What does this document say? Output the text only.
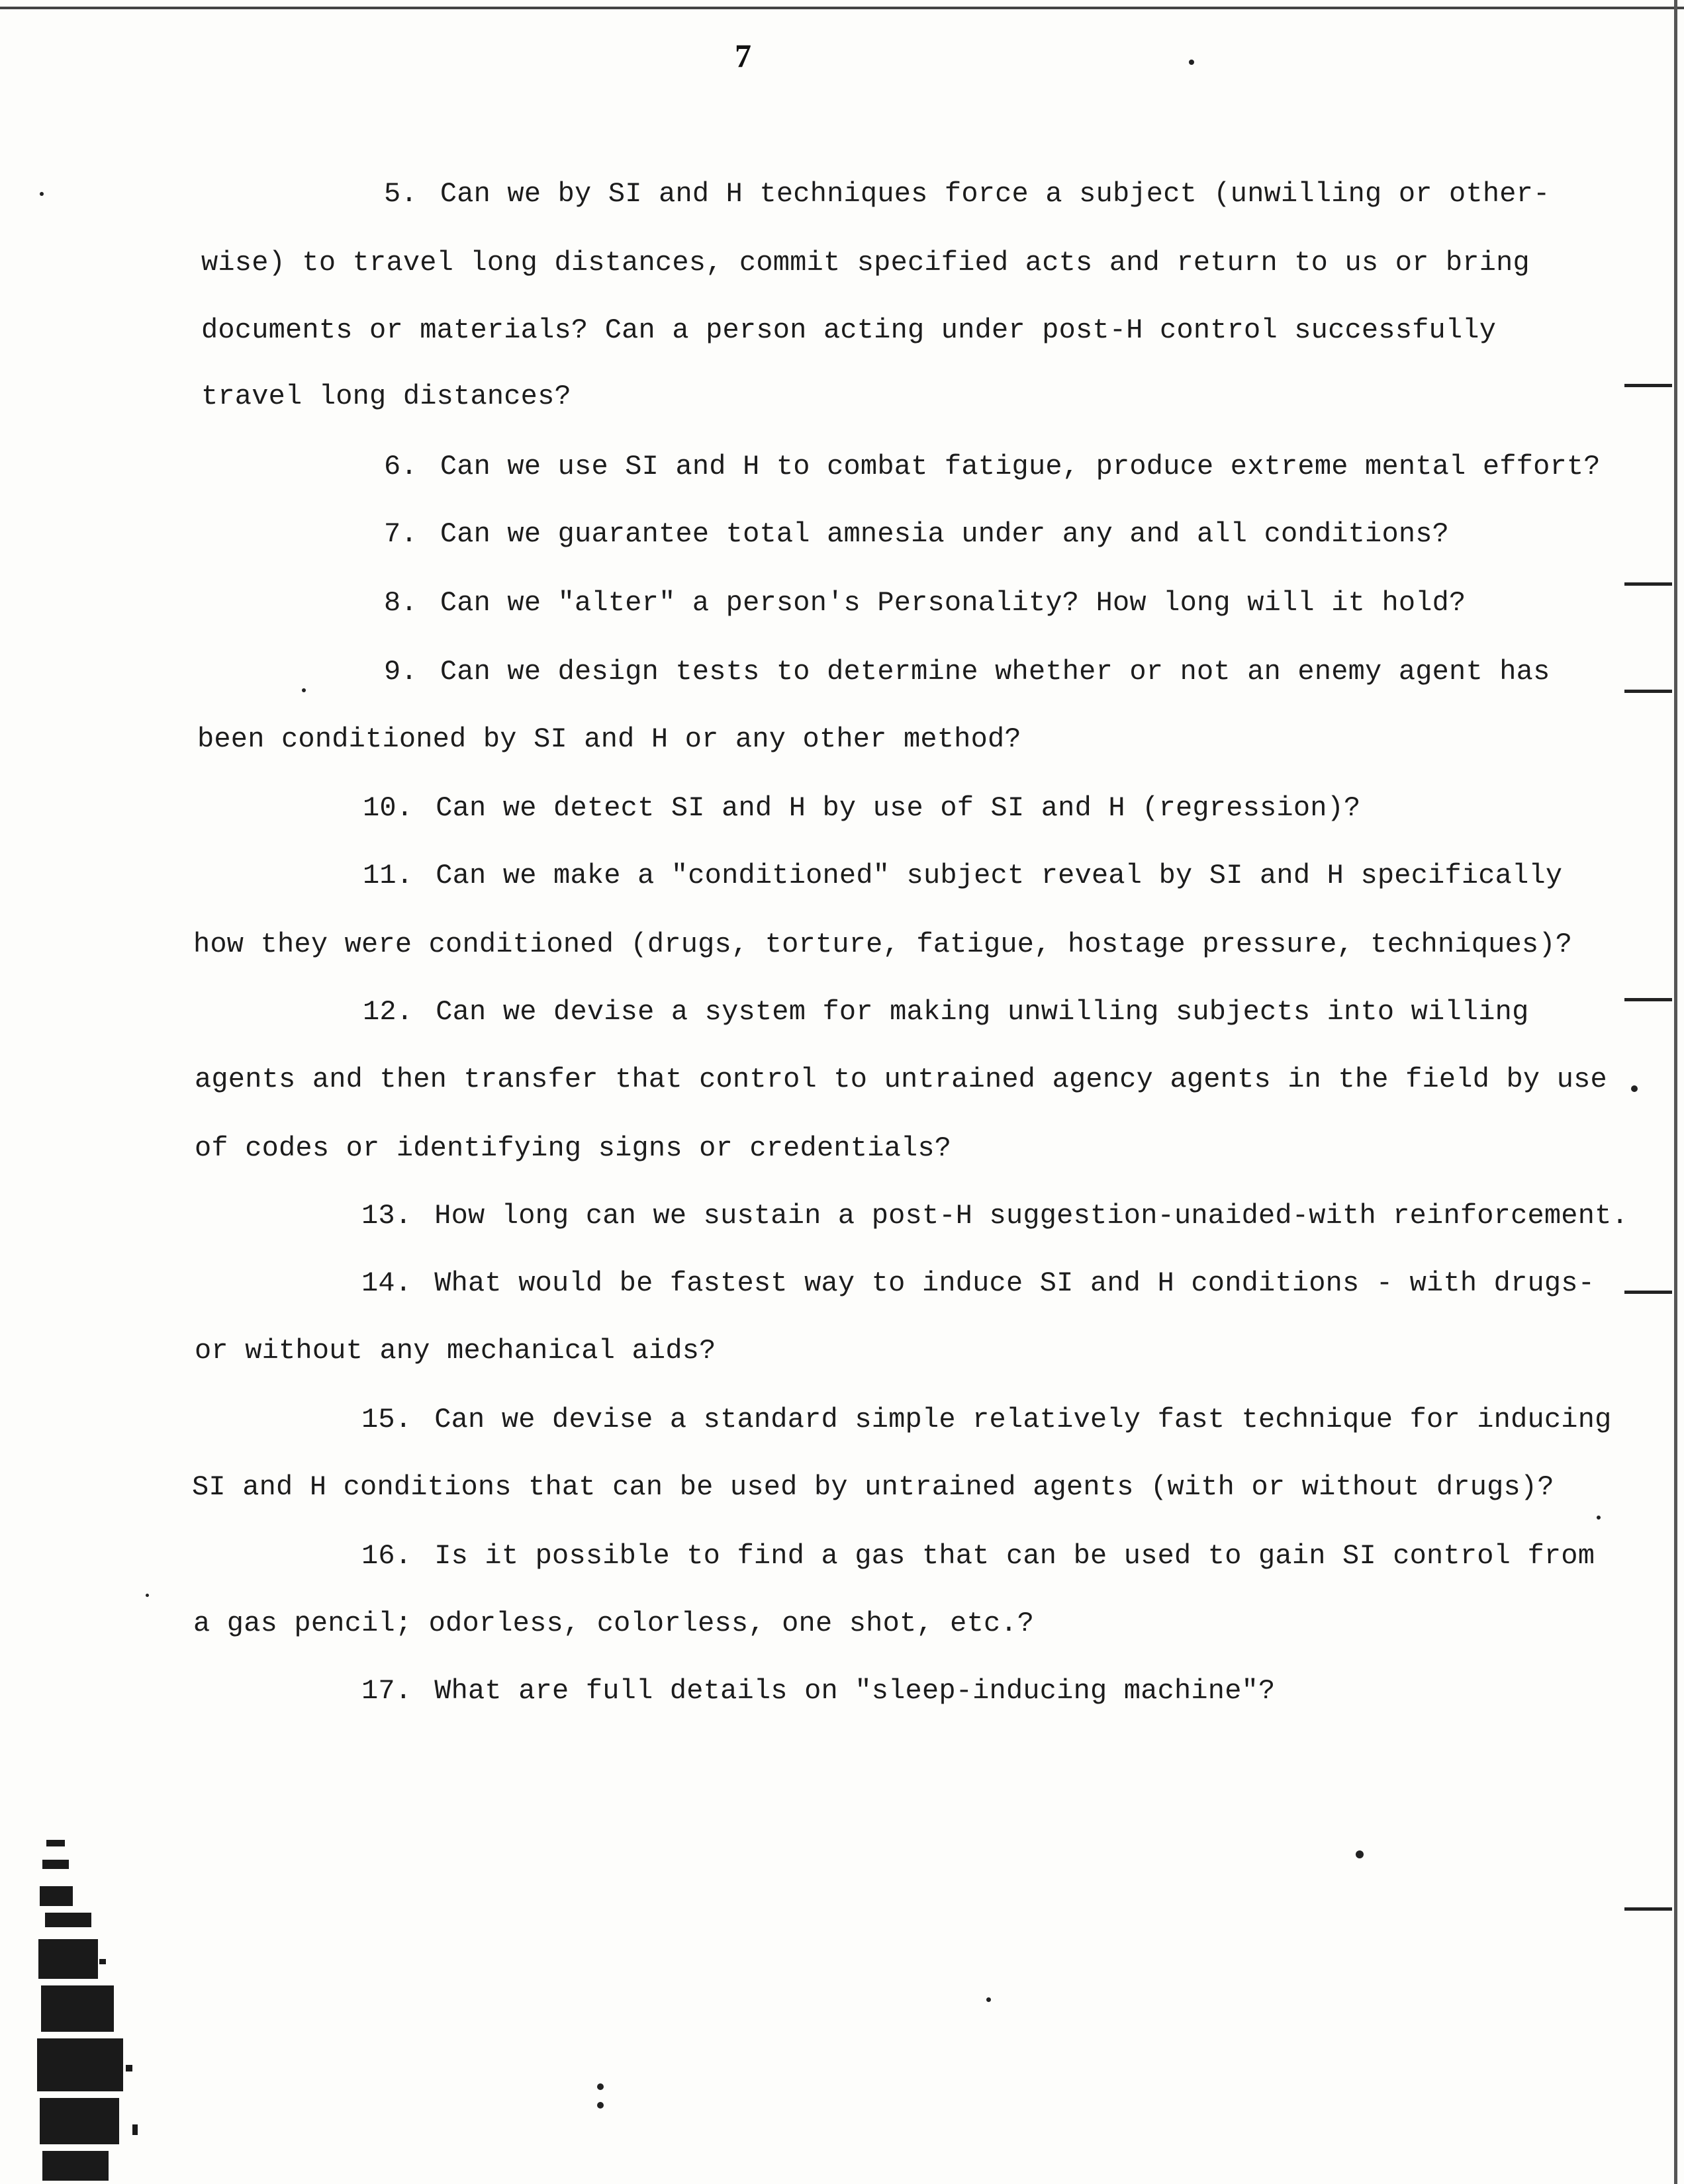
7
5. Can we by SI and H techniques force a subject (unwilling or other-
wise) to travel long distances, commit specified acts and return to us or bring
documents or materials? Can a person acting under post-H control successfully
travel long distances?
6. Can we use SI and H to combat fatigue, produce extreme mental effort?
7. Can we guarantee total amnesia under any and all conditions?
8. Can we "alter" a person's Personality? How long will it hold?
9. Can we design tests to determine whether or not an enemy agent has
been conditioned by SI and H or any other method?
10. Can we detect SI and H by use of SI and H (regression)?
11. Can we make a "conditioned" subject reveal by SI and H specifically
how they were conditioned (drugs, torture, fatigue, hostage pressure, techniques)?
12. Can we devise a system for making unwilling subjects into willing
agents and then transfer that control to untrained agency agents in the field by use
of codes or identifying signs or credentials?
13. How long can we sustain a post-H suggestion-unaided-with reinforcement.
14. What would be fastest way to induce SI and H conditions - with drugs-
or without any mechanical aids?
15. Can we devise a standard simple relatively fast technique for inducing
SI and H conditions that can be used by untrained agents (with or without drugs)?
16. Is it possible to find a gas that can be used to gain SI control from
a gas pencil; odorless, colorless, one shot, etc.?
17. What are full details on "sleep-inducing machine"?
